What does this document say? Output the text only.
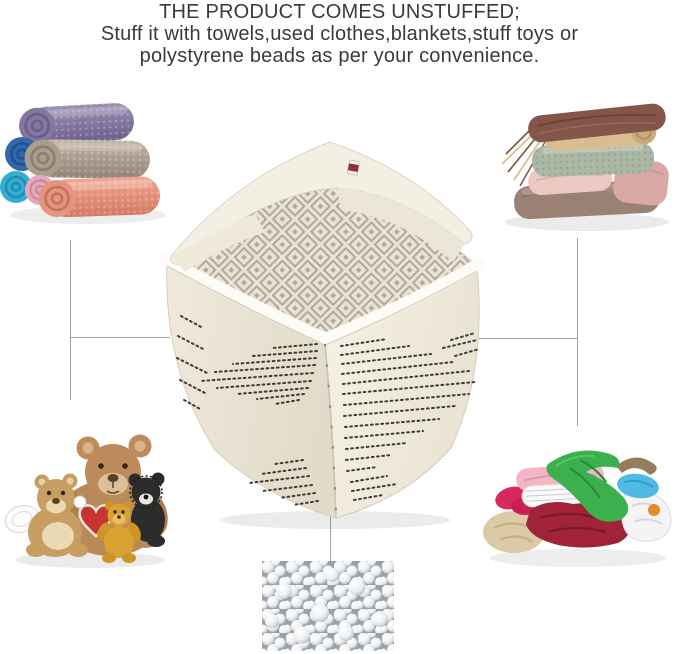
THE PRODUCT COMES UNSTUFFED;
Stuff it with towels,used clothes,blankets,stuff toys or
polystyrene beads as per your convenience.
